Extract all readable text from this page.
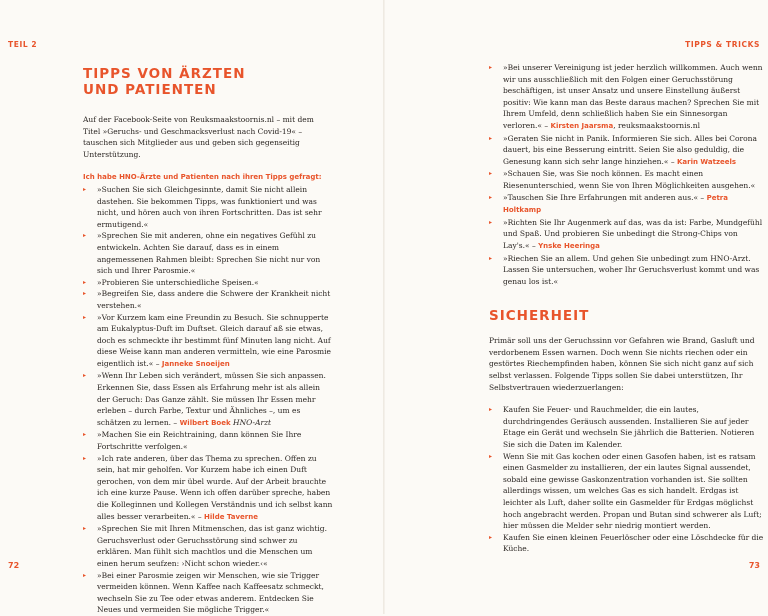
TEIL 2	TIPPS & TRICKS
TIPPS VON ÄRZTEN
UND PATIENTEN

Auf der Facebook-Seite von Reuksmaakstoornis.nl – mit dem Titel »Geruchs- und Geschmacksverlust nach Covid-19« – tauschen sich Mitglieder aus und geben sich gegenseitig Unterstützung.

Ich habe HNO-Ärzte und Patienten nach ihren Tipps gefragt:
▸ »Suchen Sie sich Gleichgesinnte, damit Sie nicht allein dastehen. Sie bekommen Tipps, was funktioniert und was nicht, und hören auch von ihren Fortschritten. Das ist sehr ermutigend.«
▸ »Sprechen Sie mit anderen, ohne ein negatives Gefühl zu entwickeln. Achten Sie darauf, dass es in einem angemessenen Rahmen bleibt: Sprechen Sie nicht nur von sich und Ihrer Parosmie.«
▸ »Probieren Sie unterschiedliche Speisen.«
▸ »Begreifen Sie, dass andere die Schwere der Krankheit nicht verstehen.«
▸ »Vor Kurzem kam eine Freundin zu Besuch. Sie schnupperte am Eukalyptus-Duft im Duftset. Gleich darauf aß sie etwas, doch es schmeckte ihr bestimmt fünf Minuten lang nicht. Auf diese Weise kann man anderen vermitteln, wie eine Parosmie eigentlich ist.« – Janneke Snoeijen
▸ »Wenn Ihr Leben sich verändert, müssen Sie sich anpassen. Erkennen Sie, dass Essen als Erfahrung mehr ist als allein der Geruch: Das Ganze zählt. Sie müssen Ihr Essen mehr erleben – durch Farbe, Textur und Ähnliches –, um es schätzen zu lernen. – Wilbert Boek HNO-Arzt
▸ »Machen Sie ein Reichtraining, dann können Sie Ihre Fortschritte verfolgen.«
▸ »Ich rate anderen, über das Thema zu sprechen. Offen zu sein, hat mir geholfen. Vor Kurzem habe ich einen Duft gerochen, von dem mir übel wurde. Auf der Arbeit brauchte ich eine kurze Pause. Wenn ich offen darüber spreche, haben die Kolleginnen und Kollegen Verständnis und ich selbst kann alles besser verarbeiten.« – Hilde Taverne
▸ »Sprechen Sie mit Ihren Mitmenschen, das ist ganz wichtig. Geruchsverlust oder Geruchsstörung sind schwer zu erklären. Man fühlt sich machtlos und die Menschen um einen herum seufzen: ›Nicht schon wieder.‹«
▸ »Bei einer Parosmie zeigen wir Menschen, wie sie Trigger vermeiden können. Wenn Kaffee nach Kaffeesatz schmeckt, wechseln Sie zu Tee oder etwas anderem. Entdecken Sie Neues und vermeiden Sie mögliche Trigger.«
▸ »Bei unserer Vereinigung ist jeder herzlich willkommen. Auch wenn wir uns ausschließlich mit den Folgen einer Geruchsstörung beschäftigen, ist unser Ansatz und unsere Einstellung äußerst positiv: Wie kann man das Beste daraus machen? Sprechen Sie mit Ihrem Umfeld, denn schließlich haben Sie ein Sinnesorgan verloren.« – Kirsten Jaarsma, reuksmaakstoornis.nl
▸ »Geraten Sie nicht in Panik. Informieren Sie sich. Alles bei Corona dauert, bis eine Besserung eintritt. Seien Sie also geduldig, die Genesung kann sich sehr lange hinziehen.« – Karin Watzeels
▸ »Schauen Sie, was Sie noch können. Es macht einen Riesenunterschied, wenn Sie von Ihren Möglichkeiten ausgehen.«
▸ »Tauschen Sie Ihre Erfahrungen mit anderen aus.« – Petra Holtkamp
▸ »Richten Sie Ihr Augenmerk auf das, was da ist: Farbe, Mundgefühl und Spaß. Und probieren Sie unbedingt die Strong-Chips von Lay's.« – Ynske Heeringa
▸ »Riechen Sie an allem. Und gehen Sie unbedingt zum HNO-Arzt. Lassen Sie untersuchen, woher Ihr Geruchsverlust kommt und was genau los ist.«
SICHERHEIT

Primär soll uns der Geruchssinn vor Gefahren wie Brand, Gasluft und verdorbenem Essen warnen. Doch wenn Sie nichts riechen oder ein gestörtes Riechempfinden haben, können Sie sich nicht ganz auf sich selbst verlassen. Folgende Tipps sollen Sie dabei unterstützen, Ihr Selbstvertrauen wiederzuerlangen:

▸ Kaufen Sie Feuer- und Rauchmelder, die ein lautes, durchdringendes Geräusch aussenden. Installieren Sie auf jeder Etage ein Gerät und wechseln Sie jährlich die Batterien. Notieren Sie sich die Daten im Kalender.
▸ Wenn Sie mit Gas kochen oder einen Gasofen haben, ist es ratsam einen Gasmelder zu installieren, der ein lautes Signal aussendet, sobald eine gewisse Gaskonzentration vorhanden ist. Sie sollten allerdings wissen, um welches Gas es sich handelt. Erdgas ist leichter als Luft, daher sollte ein Gasmelder für Erdgas möglichst hoch angebracht werden. Propan und Butan sind schwerer als Luft; hier müssen die Melder sehr niedrig montiert werden.
▸ Kaufen Sie einen kleinen Feuerlöscher oder eine Löschdecke für die Küche.
72	73
